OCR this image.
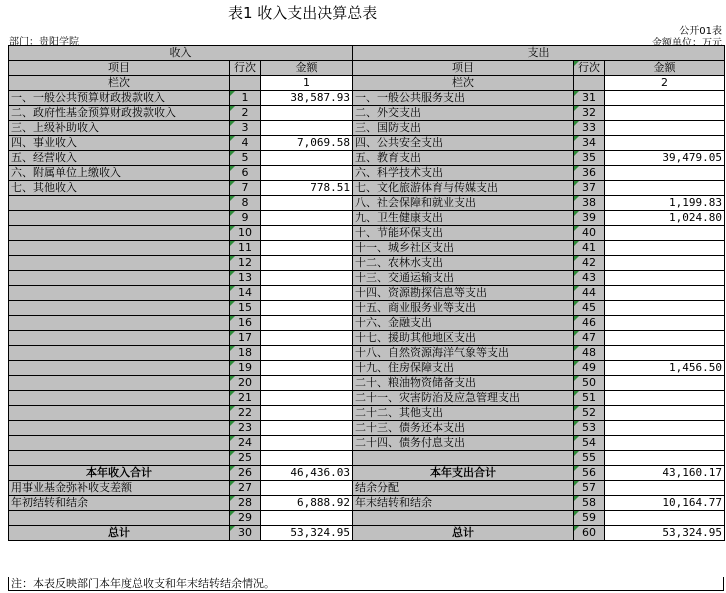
表1 收入支出决算总表
公开01表
部门：贵阳学院	金额单位：万元
收入			支出		
项目	行次	金额	项目	行次	金额
栏次		1	栏次		2
一、一般公共预算财政拨款收入	1	38,587.93	一、一般公共服务支出	31	
二、政府性基金预算财政拨款收入	2		二、外交支出	32	
三、上级补助收入	3		三、国防支出	33	
四、事业收入	4	7,069.58	四、公共安全支出	34	
五、经营收入	5		五、教育支出	35	39,479.05
六、附属单位上缴收入	6		六、科学技术支出	36	
七、其他收入	7	778.51	七、文化旅游体育与传媒支出	37	
	8		八、社会保障和就业支出	38	1,199.83
	9		九、卫生健康支出	39	1,024.80
	10		十、节能环保支出	40	
	11		十一、城乡社区支出	41	
	12		十二、农林水支出	42	
	13		十三、交通运输支出	43	
	14		十四、资源勘探信息等支出	44	
	15		十五、商业服务业等支出	45	
	16		十六、金融支出	46	
	17		十七、援助其他地区支出	47	
	18		十八、自然资源海洋气象等支出	48	
	19		十九、住房保障支出	49	1,456.50
	20		二十、粮油物资储备支出	50	
	21		二十一、灾害防治及应急管理支出	51	
	22		二十二、其他支出	52	
	23		二十三、债务还本支出	53	
	24		二十四、债务付息支出	54	
	25			55	
本年收入合计	26	46,436.03	本年支出合计	56	43,160.17
用事业基金弥补收支差额	27		结余分配	57	
年初结转和结余	28	6,888.92	年末结转和结余	58	10,164.77
	29			59	
总计	30	53,324.95	总计	60	53,324.95
注：本表反映部门本年度总收支和年末结转结余情况。
